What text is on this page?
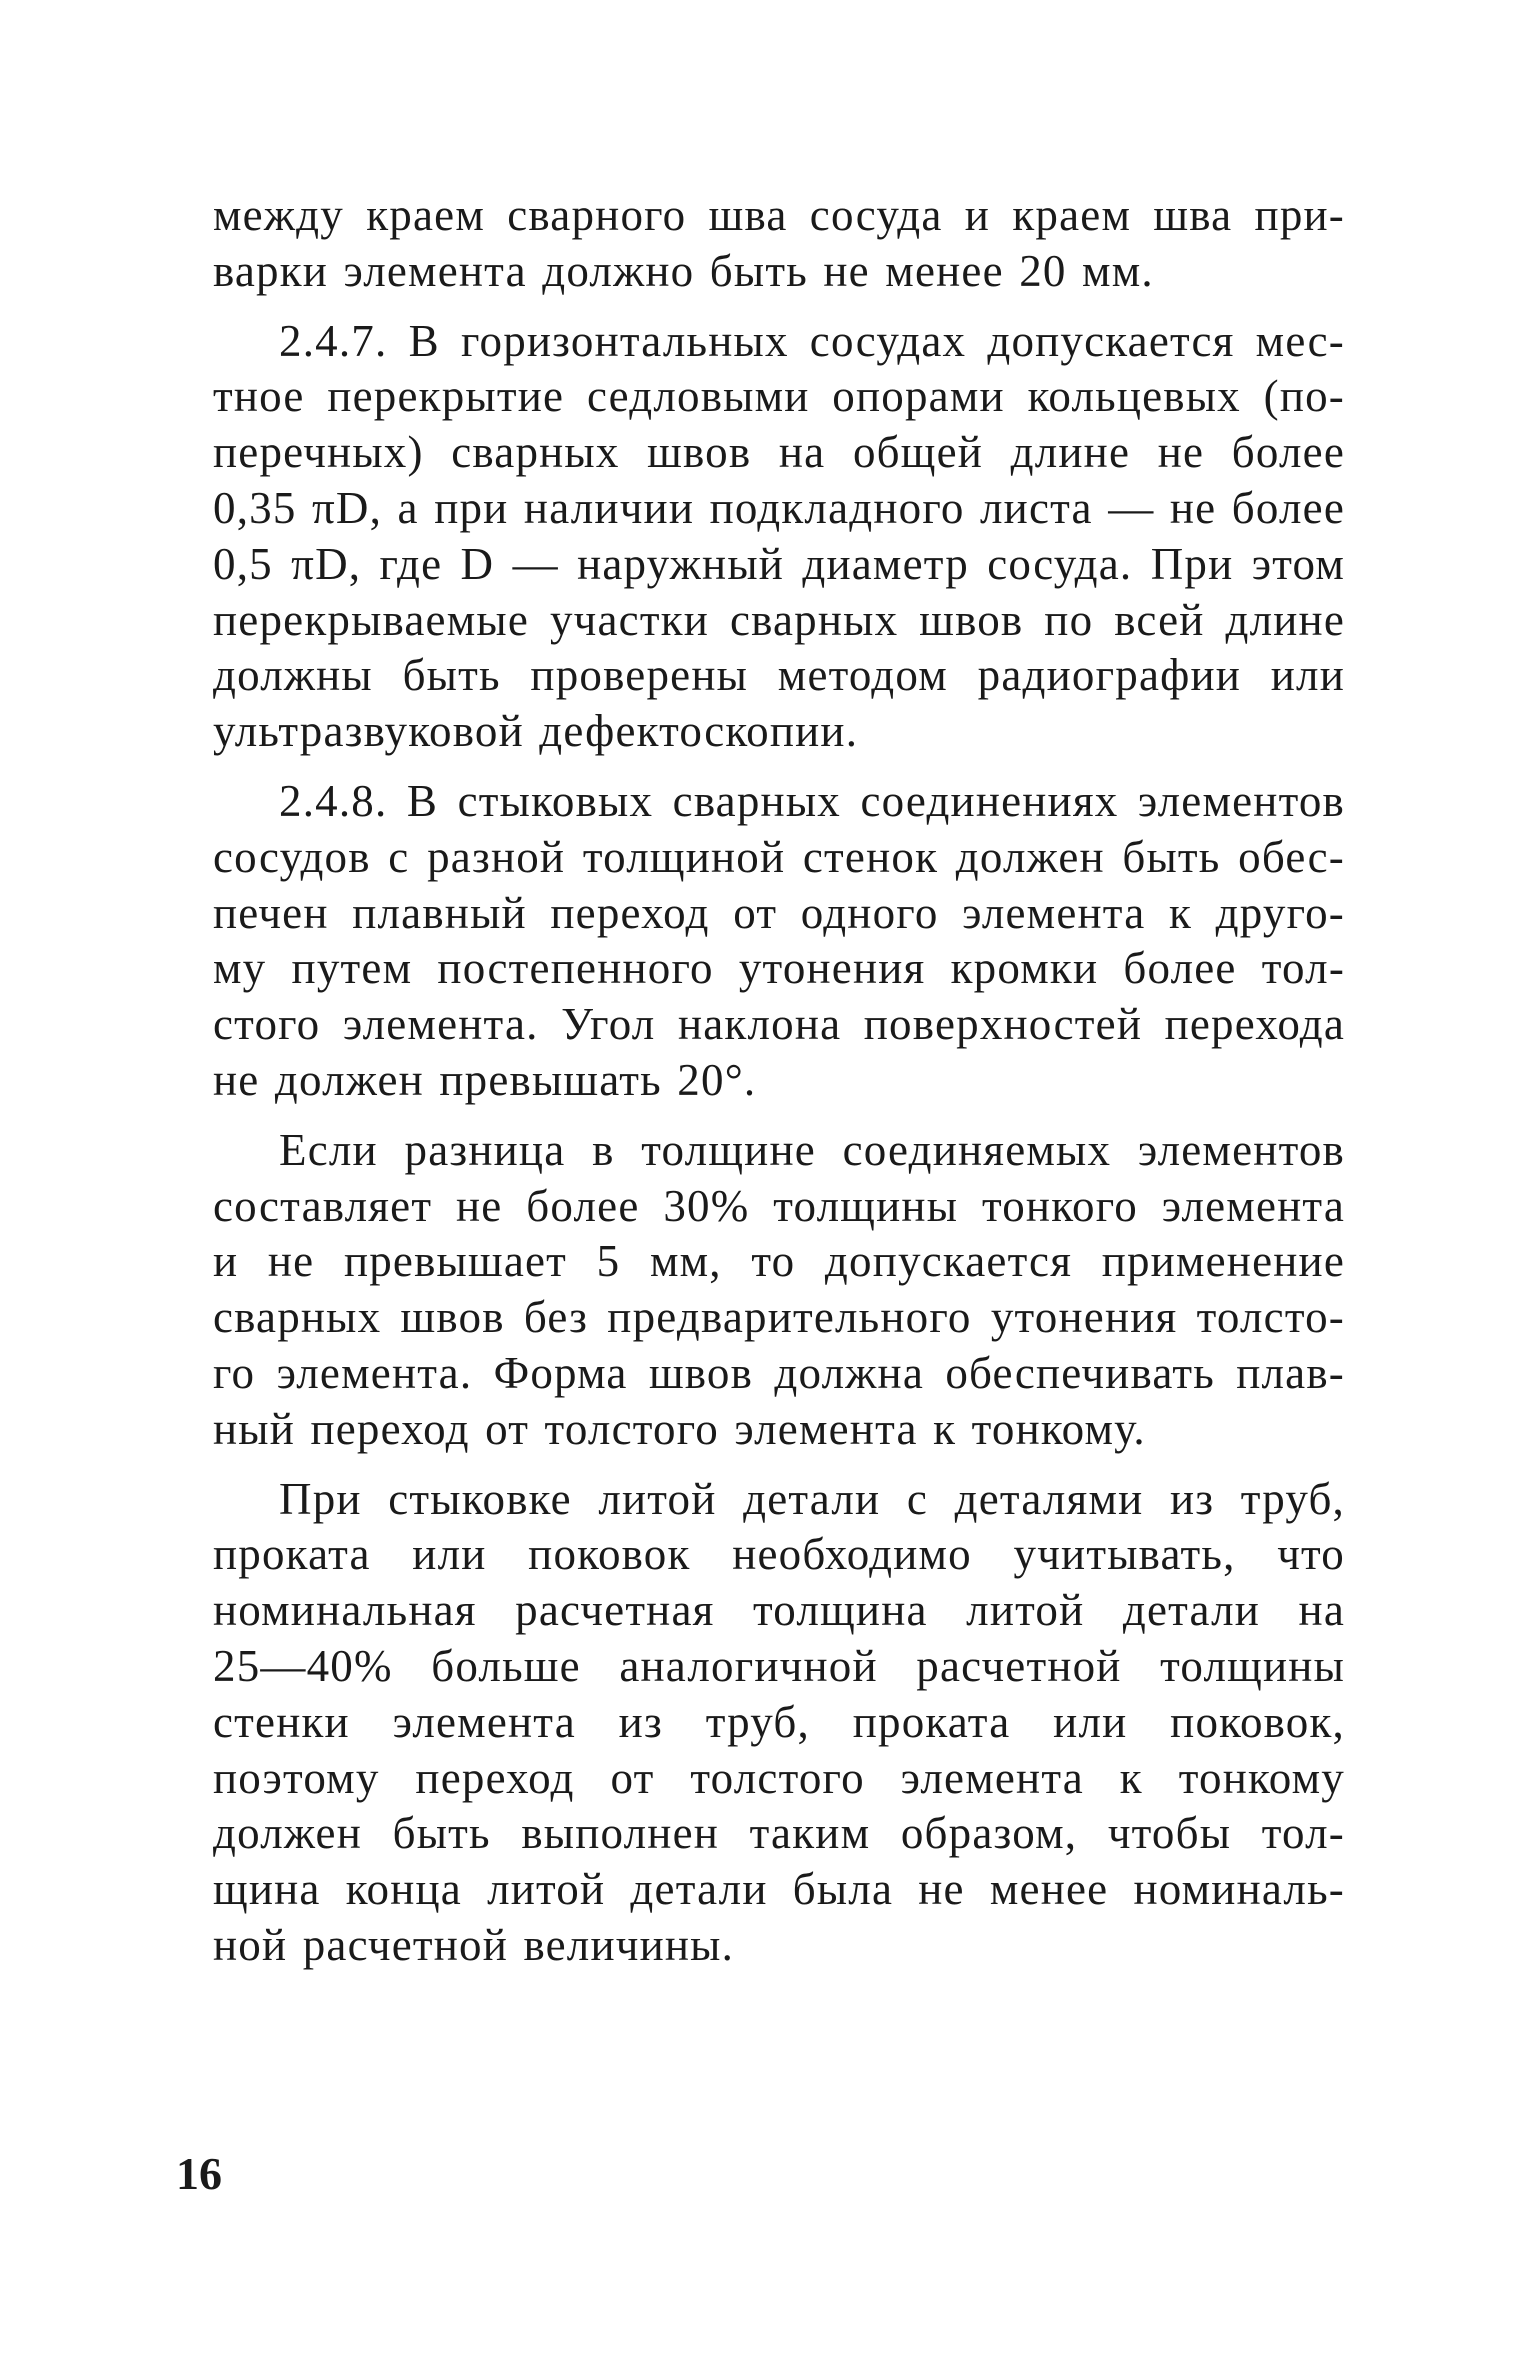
между краем сварного шва сосуда и краем шва при-
варки элемента должно быть не менее 20 мм.

2.4.7. В горизонтальных сосудах допускается мес-
тное перекрытие седловыми опорами кольцевых (по-
перечных) сварных швов на общей длине не более
0,35 πD, а при наличии подкладного листа — не более
0,5 πD, где D — наружный диаметр сосуда. При этом
перекрываемые участки сварных швов по всей длине
должны быть проверены методом радиографии или
ультразвуковой дефектоскопии.

2.4.8. В стыковых сварных соединениях элементов
сосудов с разной толщиной стенок должен быть обес-
печен плавный переход от одного элемента к друго-
му путем постепенного утонения кромки более тол-
стого элемента. Угол наклона поверхностей перехода
не должен превышать 20°.

Если разница в толщине соединяемых элементов
составляет не более 30% толщины тонкого элемента
и не превышает 5 мм, то допускается применение
сварных швов без предварительного утонения толсто-
го элемента. Форма швов должна обеспечивать плав-
ный переход от толстого элемента к тонкому.

При стыковке литой детали с деталями из труб,
проката или поковок необходимо учитывать, что
номинальная расчетная толщина литой детали на
25—40% больше аналогичной расчетной толщины
стенки элемента из труб, проката или поковок,
поэтому переход от толстого элемента к тонкому
должен быть выполнен таким образом, чтобы тол-
щина конца литой детали была не менее номиналь-
ной расчетной величины.

16
